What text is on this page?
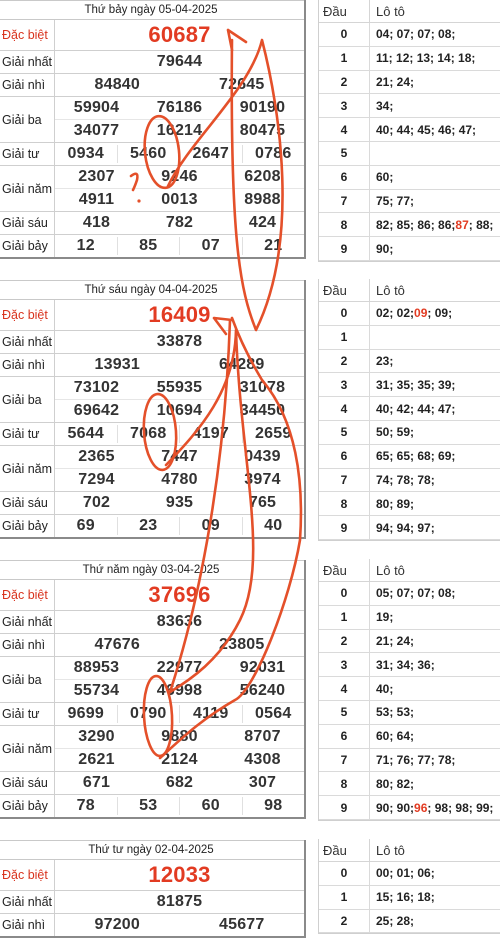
Thứ bảy ngày 05-04-2025
Đặc biệt	60687
Giải nhất	79644
Giải nhì	84840	72645
Giải ba
59904	76186	90190
34077	16214	80475
Giải tư	0934	5460	2647	0786
Giải năm
2307	9246	6208
4911	0013	8988
Giải sáu	418	782	424
Giải bảy	12	85	07	21
Đầu	Lô tô
0	04; 07; 07; 08;
1	11; 12; 13; 14; 18;
2	21; 24;
3	34;
4	40; 44; 45; 46; 47;
5
6	60;
7	75; 77;
8	82; 85; 86; 86; 87 ; 88;
9	90;
Thứ sáu ngày 04-04-2025
Đặc biệt	16409
Giải nhất	33878
Giải nhì	13931	64289
Giải ba
73102	55935	31078
69642	10694	34450
Giải tư	5644	7068	4197	2659
Giải năm
2365	7447	0439
7294	4780	3974
Giải sáu	702	935	765
Giải bảy	69	23	09	40
Đầu	Lô tô
0	02; 02; 09 ; 09;
1
2	23;
3	31; 35; 35; 39;
4	40; 42; 44; 47;
5	50; 59;
6	65; 65; 68; 69;
7	74; 78; 78;
8	80; 89;
9	94; 94; 97;
Thứ năm ngày 03-04-2025
Đặc biệt	37696
Giải nhất	83636
Giải nhì	47676	23805
Giải ba
88953	22977	92031
55734	46998	56240
Giải tư	9699	0790	4119	0564
Giải năm
3290	9880	8707
2621	2124	4308
Giải sáu	671	682	307
Giải bảy	78	53	60	98
Đầu	Lô tô
0	05; 07; 07; 08;
1	19;
2	21; 24;
3	31; 34; 36;
4	40;
5	53; 53;
6	60; 64;
7	71; 76; 77; 78;
8	80; 82;
9	90; 90; 96 ; 98; 98; 99;
Thứ tư ngày 02-04-2025
Đặc biệt	12033
Giải nhất	81875
Giải nhì	97200	45677
Đầu	Lô tô
0	00; 01; 06;
1	15; 16; 18;
2	25; 28;
